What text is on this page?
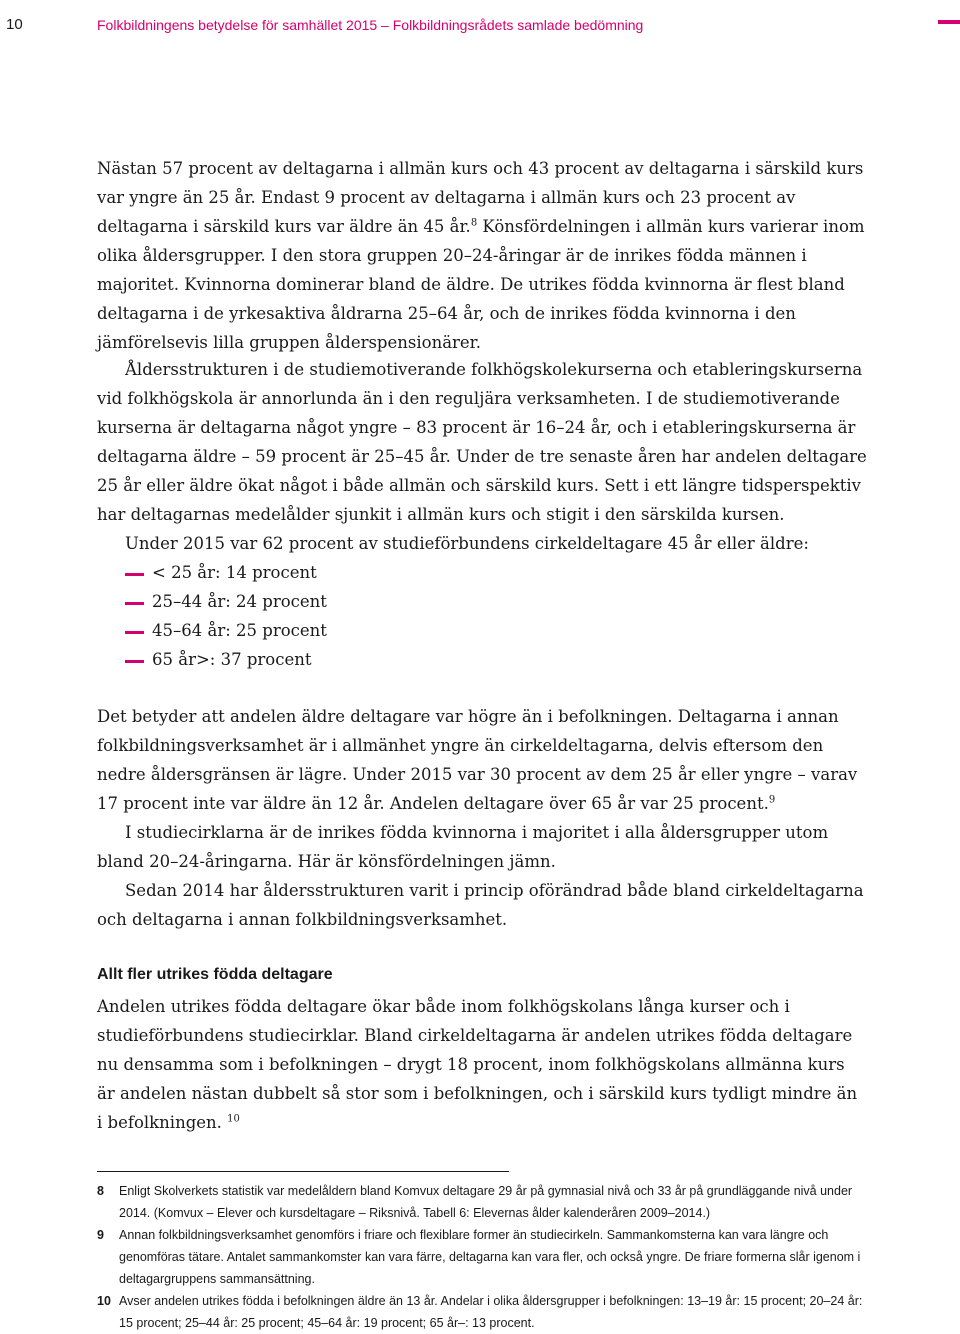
10	Folkbildningens betydelse för samhället 2015 – Folkbildningsrådets samlade bedömning

Nästan 57 procent av deltagarna i allmän kurs och 43 procent av deltagarna i särskild kurs var yngre än 25 år. Endast 9 procent av deltagarna i allmän kurs och 23 procent av deltagarna i särskild kurs var äldre än 45 år.$^8$ Könsfördelningen i allmän kurs varierar inom olika åldersgrupper. I den stora gruppen 20–24-åringar är de inrikes födda männen i majoritet. Kvinnorna dominerar bland de äldre. De utrikes födda kvinnorna är flest bland deltagarna i de yrkesaktiva åldrarna 25–64 år, och de inrikes födda kvinnorna i den jämförelsevis lilla gruppen ålderspensionärer.

Åldersstrukturen i de studiemotiverande folkhögskolekurserna och etableringskurserna vid folkhögskola är annorlunda än i den reguljära verksamheten. I de studiemotiverande kurserna är deltagarna något yngre – 83 procent är 16–24 år, och i etableringskurserna är deltagarna äldre – 59 procent är 25–45 år. Under de tre senaste åren har andelen deltagare 25 år eller äldre ökat något i både allmän och särskild kurs. Sett i ett längre tidsperspektiv har deltagarnas medelålder sjunkit i allmän kurs och stigit i den särskilda kursen.

Under 2015 var 62 procent av studieförbundens cirkeldeltagare 45 år eller äldre:

< 25 år: 14 procent
25–44 år: 24 procent
45–64 år: 25 procent
65 år>: 37 procent

Det betyder att andelen äldre deltagare var högre än i befolkningen. Deltagarna i annan folkbildningsverksamhet är i allmänhet yngre än cirkeldeltagarna, delvis eftersom den nedre åldersgränsen är lägre. Under 2015 var 30 procent av dem 25 år eller yngre – varav 17 procent inte var äldre än 12 år. Andelen deltagare över 65 år var 25 procent.$^9$

I studiecirklarna är de inrikes födda kvinnorna i majoritet i alla åldersgrupper utom bland 20–24-åringarna. Här är könsfördelningen jämn.

Sedan 2014 har åldersstrukturen varit i princip oförändrad både bland cirkeldeltagarna och deltagarna i annan folkbildningsverksamhet.

Allt fler utrikes födda deltagare

Andelen utrikes födda deltagare ökar både inom folkhögskolans långa kurser och i studieförbundens studiecirklar. Bland cirkeldeltagarna är andelen utrikes födda deltagare nu densamma som i befolkningen – drygt 18 procent, inom folkhögskolans allmänna kurs är andelen nästan dubbelt så stor som i befolkningen, och i särskild kurs tydligt mindre än i befolkningen. $^{10}$

8	Enligt Skolverkets statistik var medelåldern bland Komvux deltagare 29 år på gymnasial nivå och 33 år på grundläggande nivå under 2014. (Komvux – Elever och kursdeltagare – Riksnivå. Tabell 6: Elevernas ålder kalenderåren 2009–2014.)
9	Annan folkbildningsverksamhet genomförs i friare och flexiblare former än studiecirkeln. Sammankomsterna kan vara längre och genomföras tätare. Antalet sammankomster kan vara färre, deltagarna kan vara fler, och också yngre. De friare formerna slår igenom i deltagargruppens sammansättning.
10 Avser andelen utrikes födda i befolkningen äldre än 13 år. Andelar i olika åldersgrupper i befolkningen: 13–19 år: 15 procent; 20–24 år: 15 procent; 25–44 år: 25 procent; 45–64 år: 19 procent; 65 år–: 13 procent.
